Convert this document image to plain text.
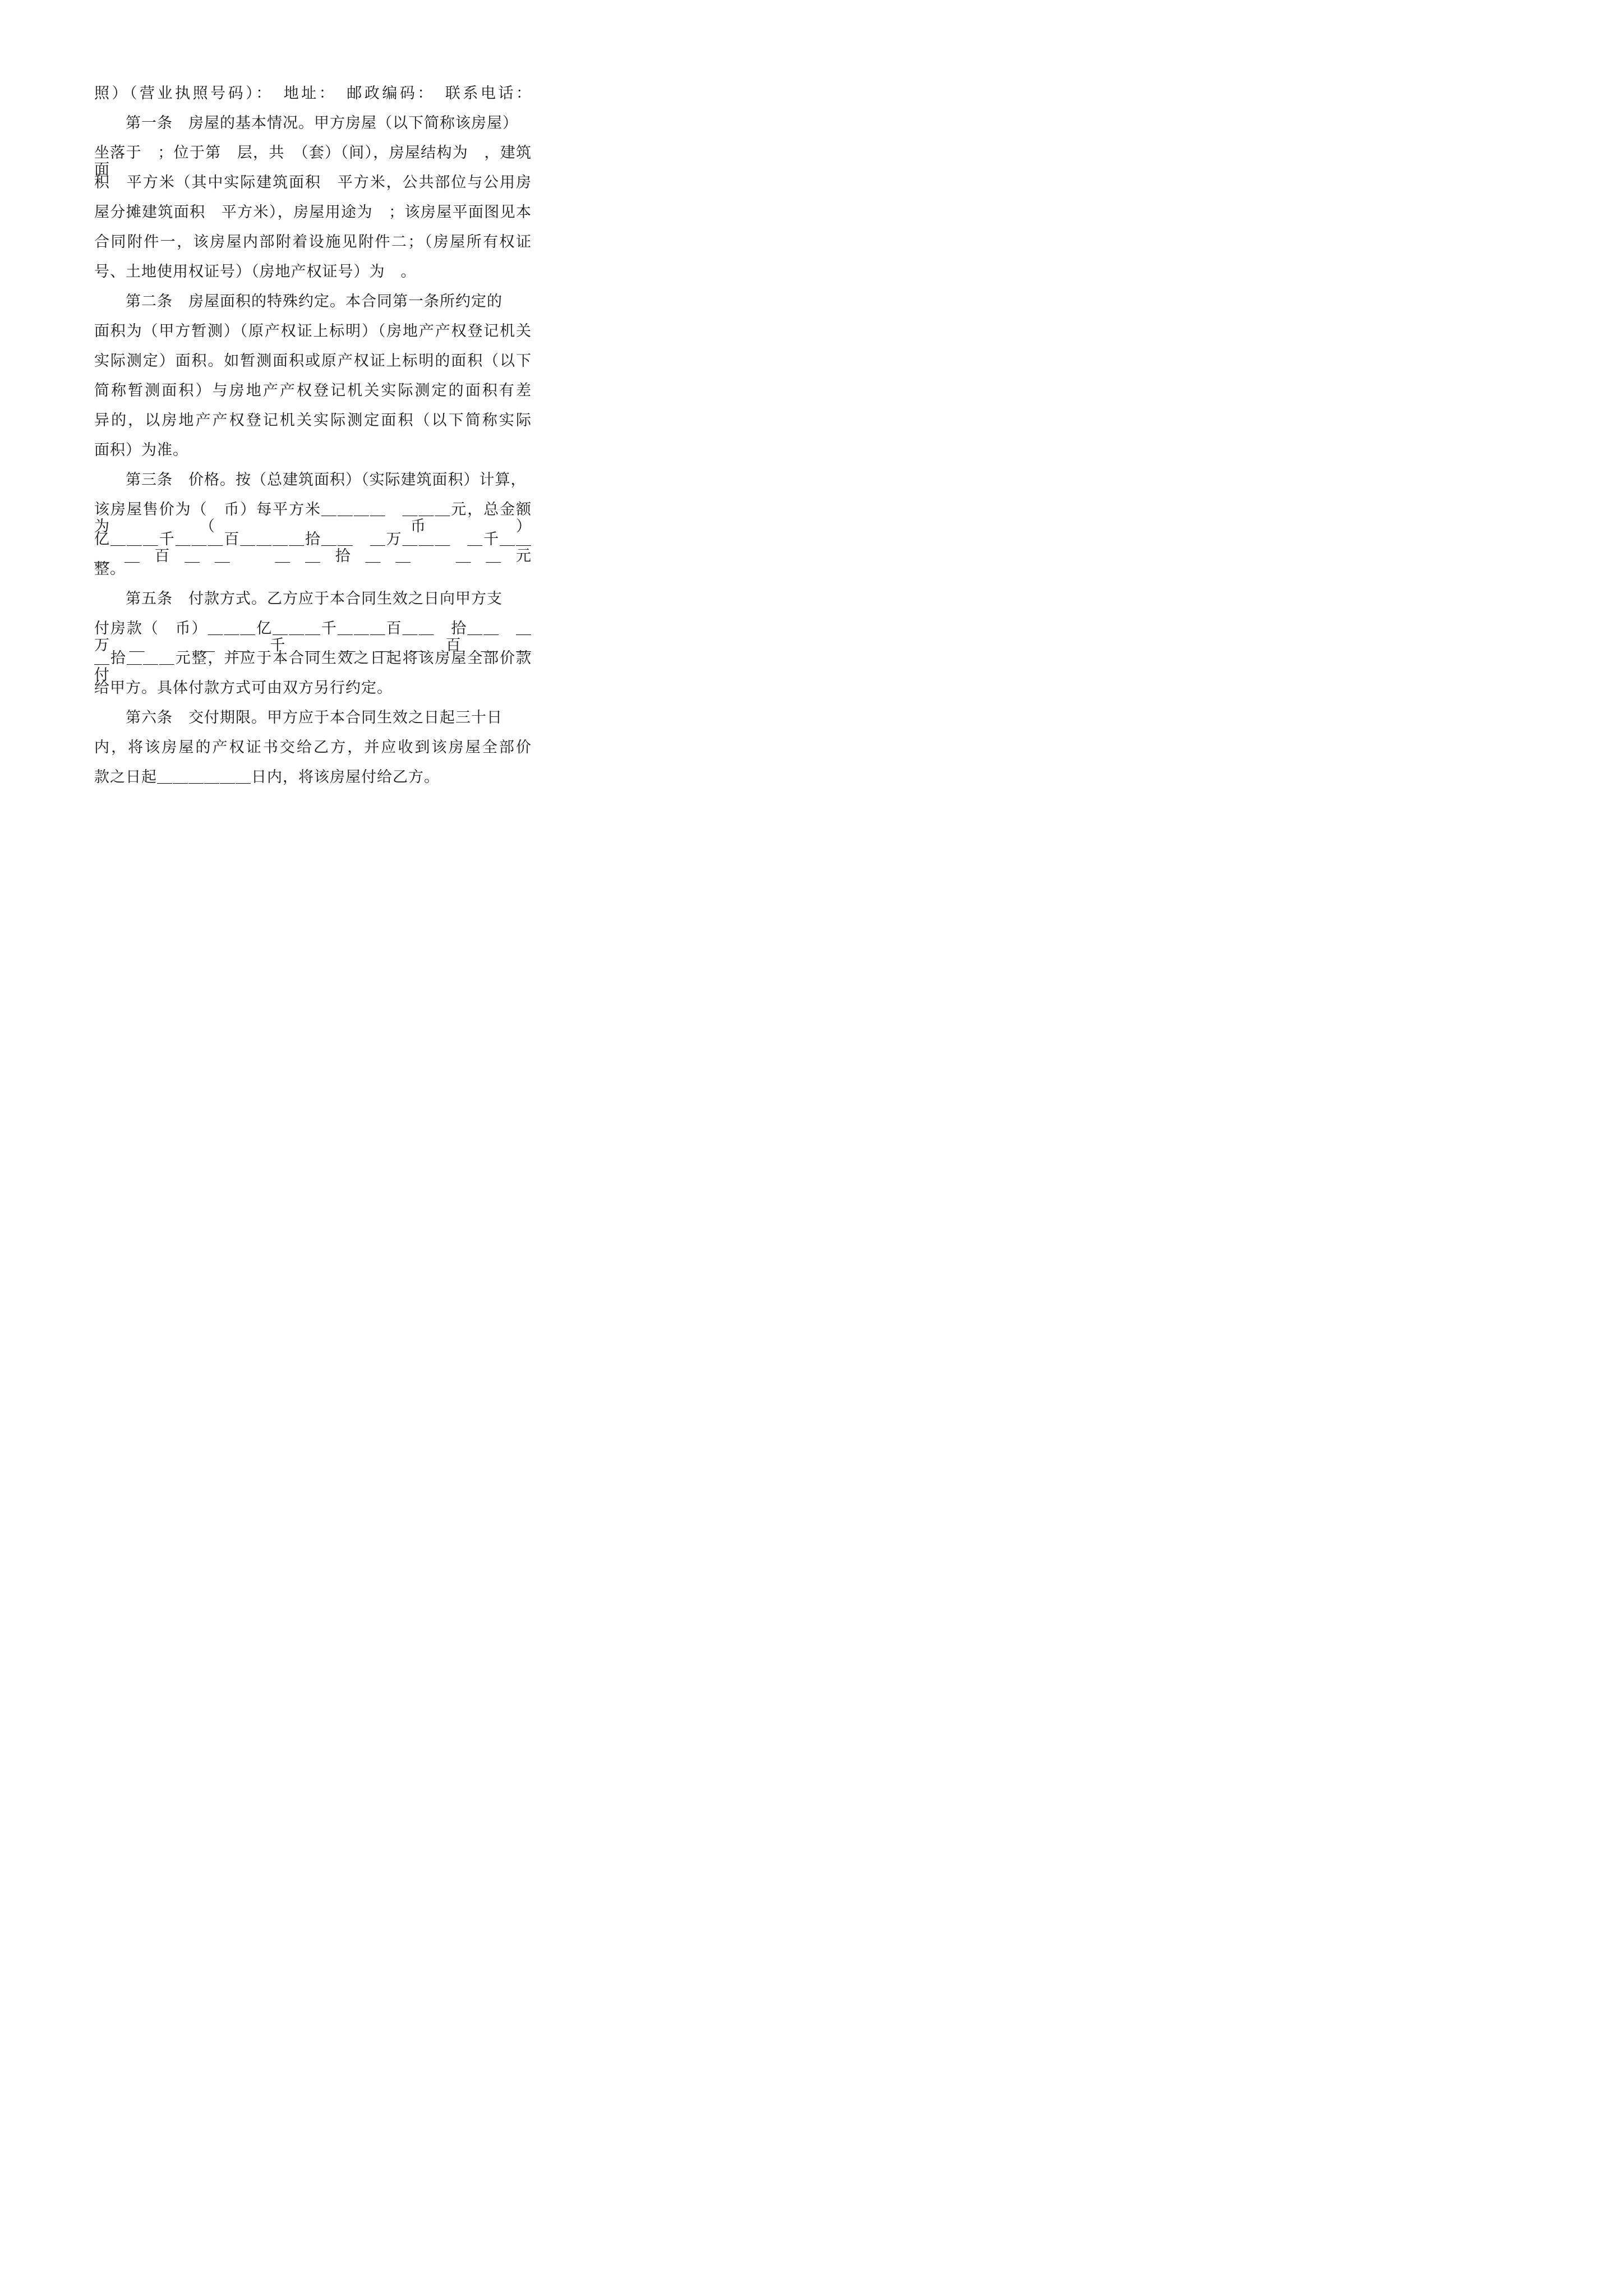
照）（营业执照号码）：　地址：　邮政编码：　联系电话：
　　第一条　房屋的基本情况。甲方房屋（以下简称该房屋）
坐落于　；位于第　层，共　（套）（间），房屋结构为　，建筑面
积　平方米（其中实际建筑面积　平方米，公共部位与公用房
屋分摊建筑面积　平方米），房屋用途为　；该房屋平面图见本
合同附件一，该房屋内部附着设施见附件二；（房屋所有权证
号、土地使用权证号）（房地产权证号）为　。
　　第二条　房屋面积的特殊约定。本合同第一条所约定的
面积为（甲方暂测）（原产权证上标明）（房地产产权登记机关
实际测定）面积。如暂测面积或原产权证上标明的面积（以下
简称暂测面积）与房地产产权登记机关实际测定的面积有差
异的，以房地产产权登记机关实际测定面积（以下简称实际
面积）为准。
　　第三条　价格。按（总建筑面积）（实际建筑面积）计算，
该房屋售价为（　币）每平方米＿＿＿＿　＿＿＿元，总金额为（　币）
亿＿＿＿千＿＿＿百＿＿＿＿拾＿＿　＿万＿＿＿　＿千＿＿　＿＿百＿＿　＿＿拾＿＿　＿＿元
整。
　　第五条　付款方式。乙方应于本合同生效之日向甲方支
付房款（　币）＿＿＿亿＿＿＿千＿＿＿百＿＿　拾＿＿　＿　万＿　＿＿千＿＿＿＿百＿＿
＿拾＿＿＿元整，并应于本合同生效之日起将该房屋全部价款付
给甲方。具体付款方式可由双方另行约定。
　　第六条　交付期限。甲方应于本合同生效之日起三十日
内，将该房屋的产权证书交给乙方，并应收到该房屋全部价
款之日起＿＿＿＿＿＿日内，将该房屋付给乙方。
